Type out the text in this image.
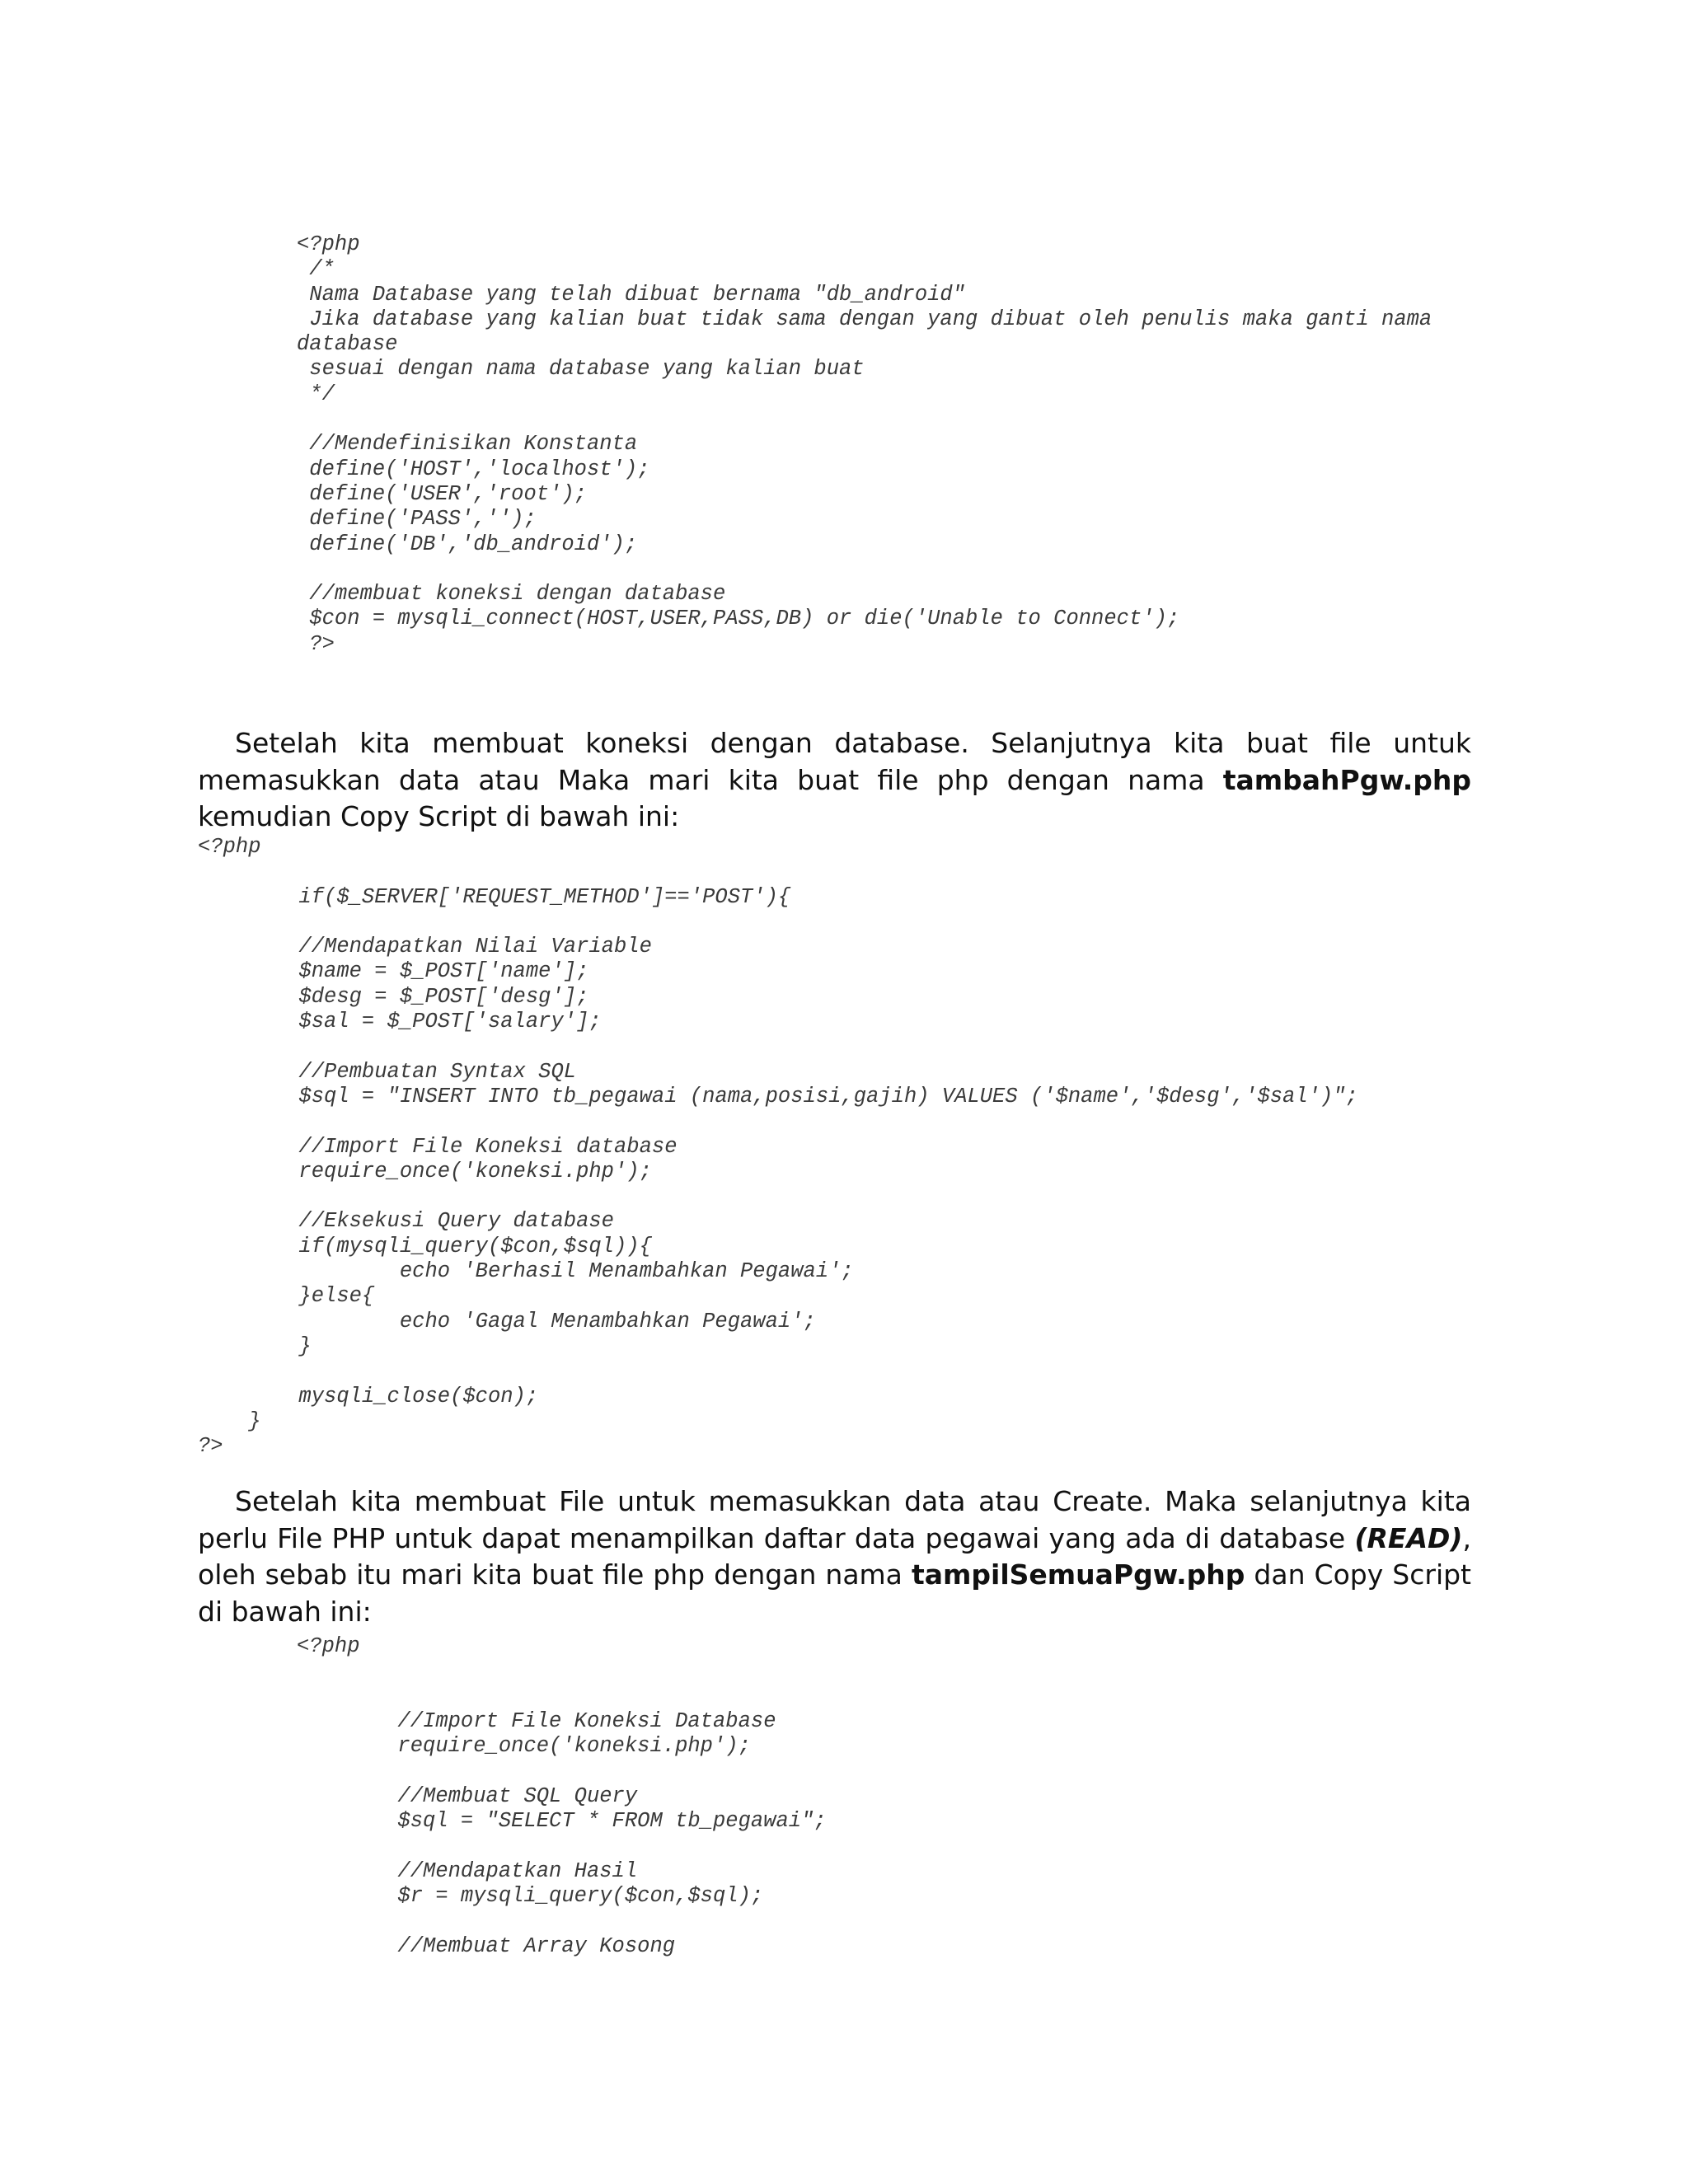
<?php
/*
Nama Database yang telah dibuat bernama "db_android"
Jika database yang kalian buat tidak sama dengan yang dibuat oleh penulis maka ganti nama
database
sesuai dengan nama database yang kalian buat
*/

//Mendefinisikan Konstanta
define('HOST','localhost');
define('USER','root');
define('PASS','');
define('DB','db_android');

//membuat koneksi dengan database
$con = mysqli_connect(HOST,USER,PASS,DB) or die('Unable to Connect');
?>

Setelah kita membuat koneksi dengan database. Selanjutnya kita buat file untuk memasukkan data atau Maka mari kita buat file php dengan nama tambahPgw.php kemudian Copy Script di bawah ini:

<?php

if($_SERVER['REQUEST_METHOD']=='POST'){

//Mendapatkan Nilai Variable
$name = $_POST['name'];
$desg = $_POST['desg'];
$sal = $_POST['salary'];

//Pembuatan Syntax SQL
$sql = "INSERT INTO tb_pegawai (nama,posisi,gajih) VALUES ('$name','$desg','$sal')";

//Import File Koneksi database
require_once('koneksi.php');

//Eksekusi Query database
if(mysqli_query($con,$sql)){
echo 'Berhasil Menambahkan Pegawai';
}else{
echo 'Gagal Menambahkan Pegawai';
}

mysqli_close($con);
}
?>

Setelah kita membuat File untuk memasukkan data atau Create. Maka selanjutnya kita perlu File PHP untuk dapat menampilkan daftar data pegawai yang ada di database (READ), oleh sebab itu mari kita buat file php dengan nama tampilSemuaPgw.php dan Copy Script di bawah ini:

<?php

//Import File Koneksi Database
require_once('koneksi.php');

//Membuat SQL Query
$sql = "SELECT * FROM tb_pegawai";

//Mendapatkan Hasil
$r = mysqli_query($con,$sql);

//Membuat Array Kosong
